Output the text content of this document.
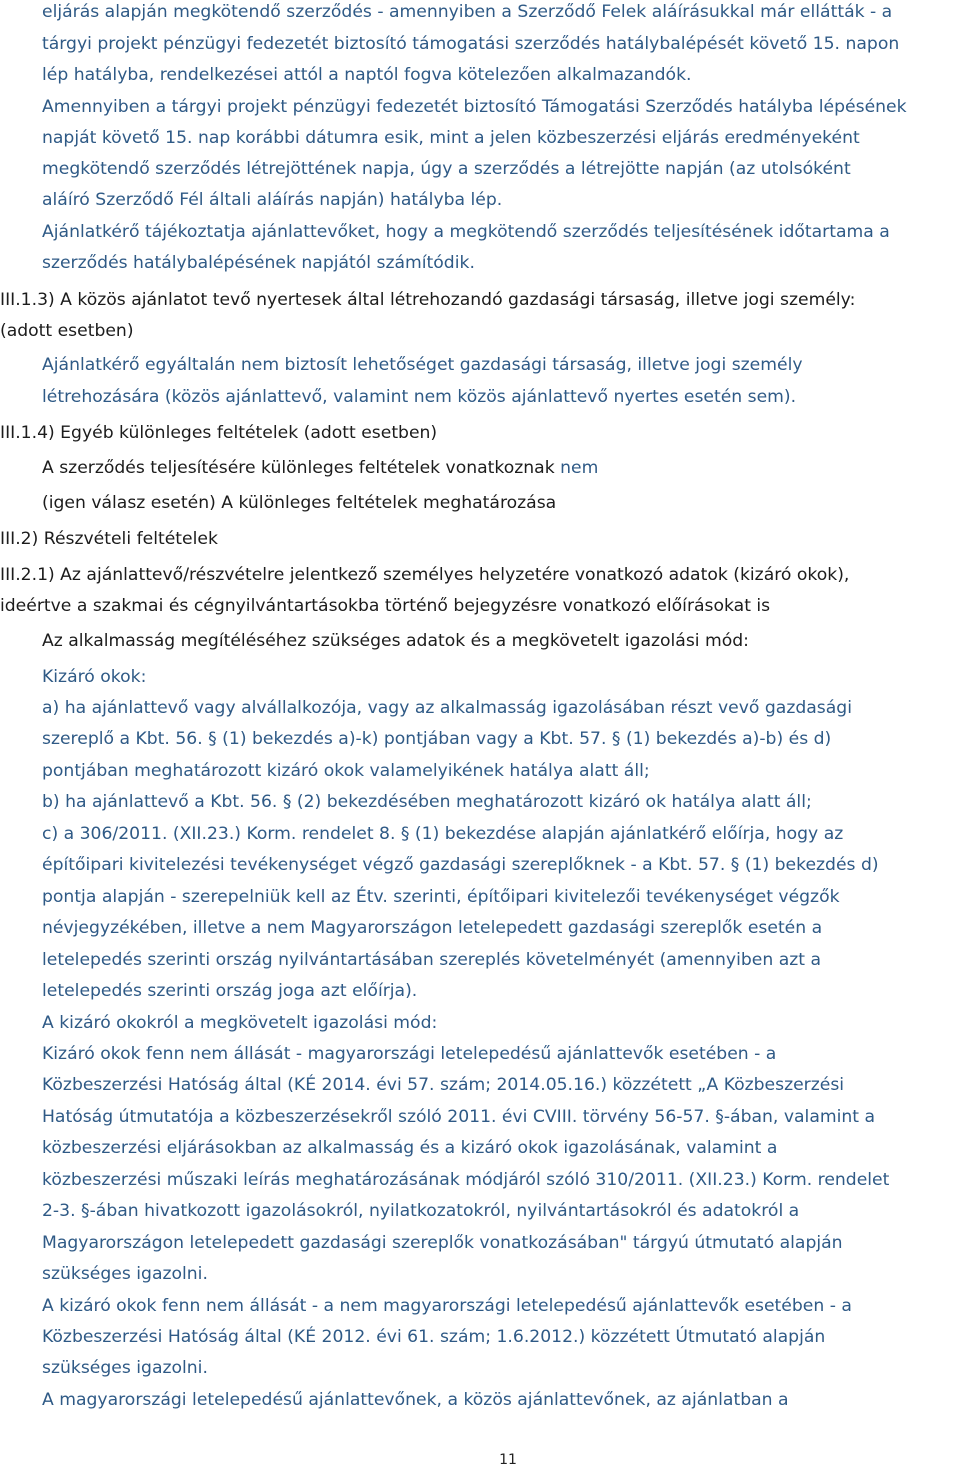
eljárás alapján megkötendő szerződés - amennyiben a Szerződő Felek aláírásukkal már ellátták - a
tárgyi projekt pénzügyi fedezetét biztosító támogatási szerződés hatálybalépését követő 15. napon
lép hatályba, rendelkezései attól a naptól fogva kötelezően alkalmazandók.
Amennyiben a tárgyi projekt pénzügyi fedezetét biztosító Támogatási Szerződés hatályba lépésének
napját követő 15. nap korábbi dátumra esik, mint a jelen közbeszerzési eljárás eredményeként
megkötendő szerződés létrejöttének napja, úgy a szerződés a létrejötte napján (az utolsóként
aláíró Szerződő Fél általi aláírás napján) hatályba lép.
Ajánlatkérő tájékoztatja ajánlattevőket, hogy a megkötendő szerződés teljesítésének időtartama a
szerződés hatálybalépésének napjától számítódik.
III.1.3) A közös ajánlatot tevő nyertesek által létrehozandó gazdasági társaság, illetve jogi személy:
(adott esetben)
Ajánlatkérő egyáltalán nem biztosít lehetőséget gazdasági társaság, illetve jogi személy
létrehozására (közös ajánlattevő, valamint nem közös ajánlattevő nyertes esetén sem).
III.1.4) Egyéb különleges feltételek (adott esetben)
A szerződés teljesítésére különleges feltételek vonatkoznak nem
(igen válasz esetén) A különleges feltételek meghatározása
III.2) Részvételi feltételek
III.2.1) Az ajánlattevő/részvételre jelentkező személyes helyzetére vonatkozó adatok (kizáró okok),
ideértve a szakmai és cégnyilvántartásokba történő bejegyzésre vonatkozó előírásokat is
Az alkalmasság megítéléséhez szükséges adatok és a megkövetelt igazolási mód:
Kizáró okok:
a) ha ajánlattevő vagy alvállalkozója, vagy az alkalmasság igazolásában részt vevő gazdasági
szereplő a Kbt. 56. § (1) bekezdés a)-k) pontjában vagy a Kbt. 57. § (1) bekezdés a)-b) és d)
pontjában meghatározott kizáró okok valamelyikének hatálya alatt áll;
b) ha ajánlattevő a Kbt. 56. § (2) bekezdésében meghatározott kizáró ok hatálya alatt áll;
c) a 306/2011. (XII.23.) Korm. rendelet 8. § (1) bekezdése alapján ajánlatkérő előírja, hogy az
építőipari kivitelezési tevékenységet végző gazdasági szereplőknek - a Kbt. 57. § (1) bekezdés d)
pontja alapján - szerepelniük kell az Étv. szerinti, építőipari kivitelezői tevékenységet végzők
névjegyzékében, illetve a nem Magyarországon letelepedett gazdasági szereplők esetén a
letelepedés szerinti ország nyilvántartásában szereplés követelményét (amennyiben azt a
letelepedés szerinti ország joga azt előírja).
A kizáró okokról a megkövetelt igazolási mód:
Kizáró okok fenn nem állását - magyarországi letelepedésű ajánlattevők esetében - a
Közbeszerzési Hatóság által (KÉ 2014. évi 57. szám; 2014.05.16.) közzétett „A Közbeszerzési
Hatóság útmutatója a közbeszerzésekről szóló 2011. évi CVIII. törvény 56-57. §-ában, valamint a
közbeszerzési eljárásokban az alkalmasság és a kizáró okok igazolásának, valamint a
közbeszerzési műszaki leírás meghatározásának módjáról szóló 310/2011. (XII.23.) Korm. rendelet
2-3. §-ában hivatkozott igazolásokról, nyilatkozatokról, nyilvántartásokról és adatokról a
Magyarországon letelepedett gazdasági szereplők vonatkozásában" tárgyú útmutató alapján
szükséges igazolni.
A kizáró okok fenn nem állását - a nem magyarországi letelepedésű ajánlattevők esetében - a
Közbeszerzési Hatóság által (KÉ 2012. évi 61. szám; 1.6.2012.) közzétett Útmutató alapján
szükséges igazolni.
A magyarországi letelepedésű ajánlattevőnek, a közös ajánlattevőnek, az ajánlatban a
11
